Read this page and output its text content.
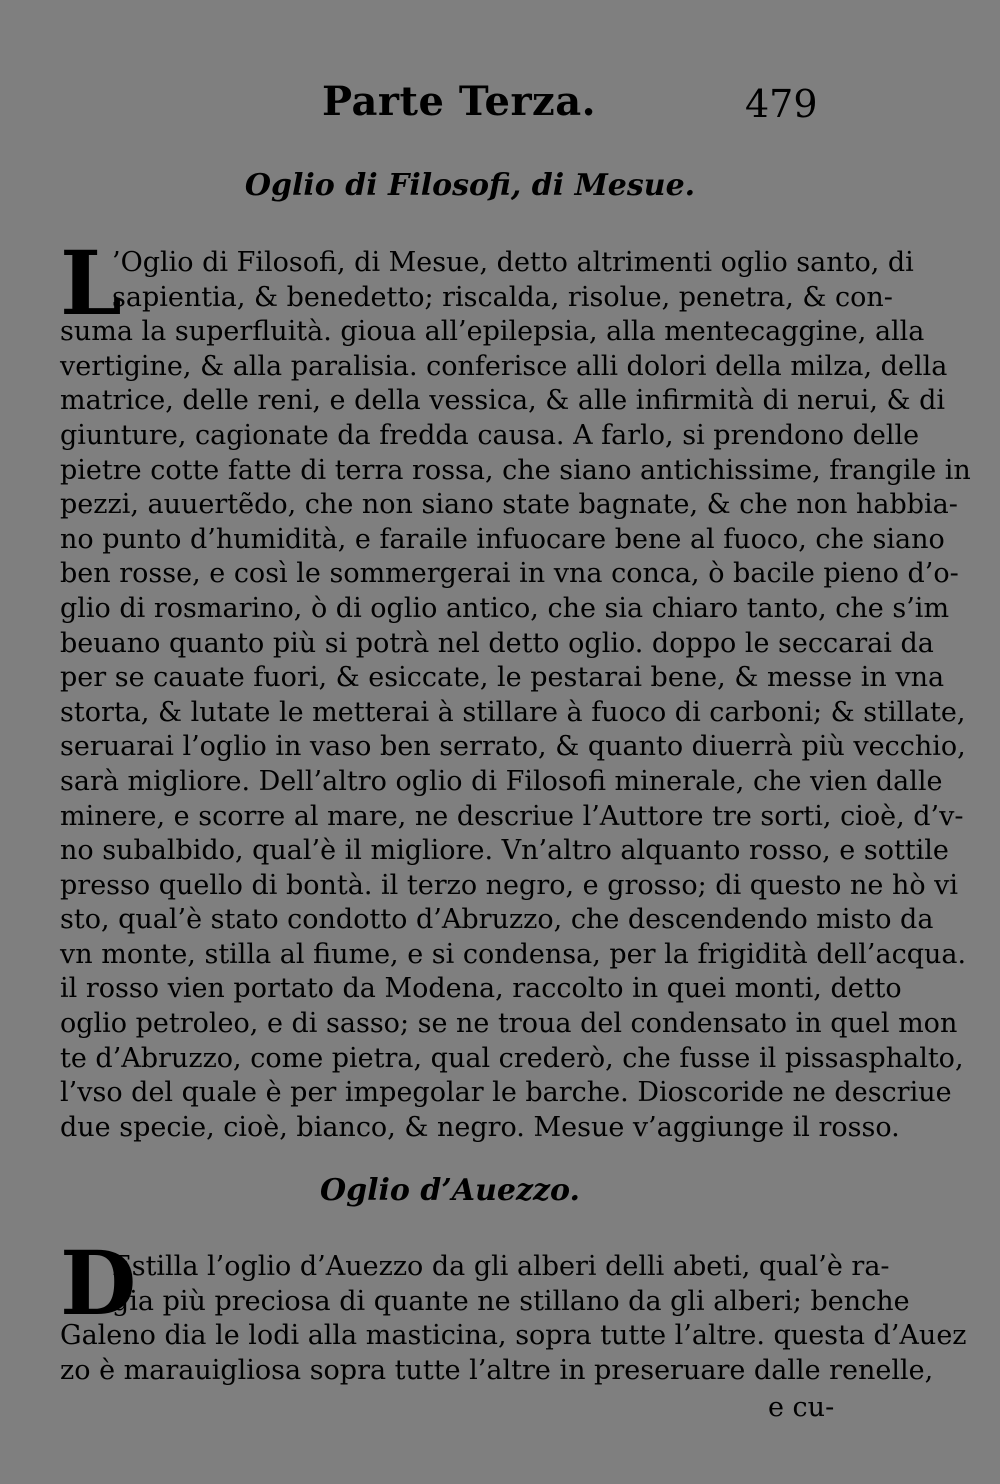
Parte Terza.	479
Oglio di Filosofi, di Mesue.
L
’Oglio di Filosofi, di Mesue, detto altrimenti oglio santo, di
sapientia, & benedetto; riscalda, risolue, penetra, & con-
suma la superfluità. gioua all’epilepsia, alla mentecaggine, alla
vertigine, & alla paralisia. conferisce alli dolori della milza, della
matrice, delle reni, e della vessica, & alle infirmità di nerui, & di
giunture, cagionate da fredda causa. A farlo, si prendono delle
pietre cotte fatte di terra rossa, che siano antichissime, frangile in
pezzi, auuertẽdo, che non siano state bagnate, & che non habbia-
no punto d’humidità, e faraile infuocare bene al fuoco, che siano
ben rosse, e così le sommergerai in vna conca, ò bacile pieno d’o-
glio di rosmarino, ò di oglio antico, che sia chiaro tanto, che s’im
beuano quanto più si potrà nel detto oglio. doppo le seccarai da
per se cauate fuori, & esiccate, le pestarai bene, & messe in vna
storta, & lutate le metterai à stillare à fuoco di carboni; & stillate,
seruarai l’oglio in vaso ben serrato, & quanto diuerrà più vecchio,
sarà migliore. Dell’altro oglio di Filosofi minerale, che vien dalle
minere, e scorre al mare, ne descriue l’Auttore tre sorti, cioè, d’v-
no subalbido, qual’è il migliore. Vn’altro alquanto rosso, e sottile
presso quello di bontà. il terzo negro, e grosso; di questo ne hò vi
sto, qual’è stato condotto d’Abruzzo, che descendendo misto da
vn monte, stilla al fiume, e si condensa, per la frigidità dell’acqua.
il rosso vien portato da Modena, raccolto in quei monti, detto
oglio petroleo, e di sasso; se ne troua del condensato in quel mon
te d’Abruzzo, come pietra, qual crederò, che fusse il pissasphalto,
l’vso del quale è per impegolar le barche. Dioscoride ne descriue
due specie, cioè, bianco, & negro. Mesue v’aggiunge il rosso.
Oglio d’Auezzo.
D
Estilla l’oglio d’Auezzo da gli alberi delli abeti, qual’è ra-
gia più preciosa di quante ne stillano da gli alberi; benche
Galeno dia le lodi alla masticina, sopra tutte l’altre. questa d’Auez
zo è marauigliosa sopra tutte l’altre in preseruare dalle renelle,
e cu-
